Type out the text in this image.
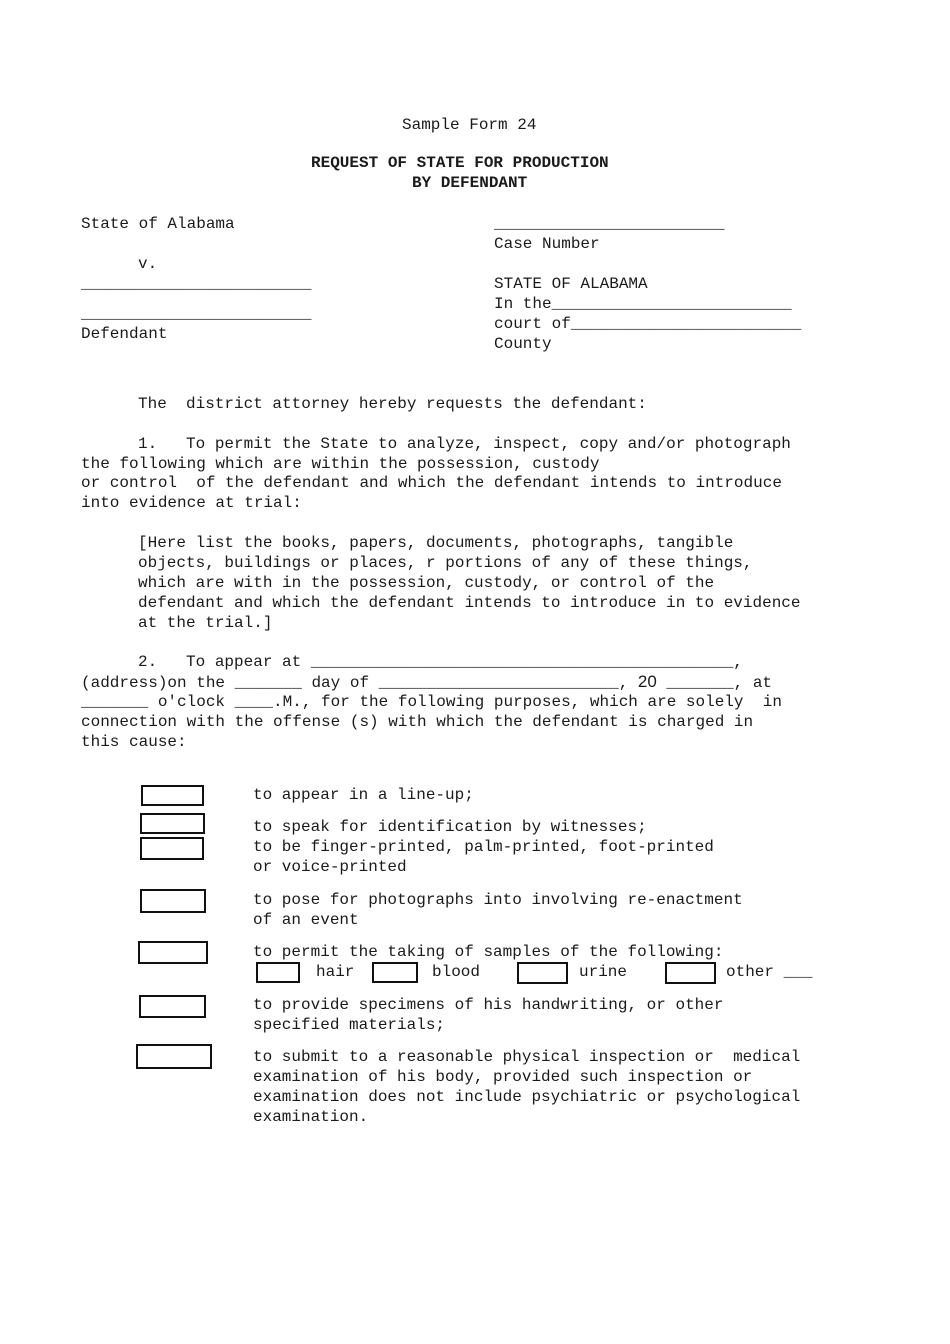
Sample Form 24
REQUEST OF STATE FOR PRODUCTION
BY DEFENDANT
State of Alabama
v.
________________________
________________________
Defendant
________________________
Case Number
STATE OF ALABAMA
In the_________________________
court of________________________
County
The  district attorney hereby requests the defendant:
1.   To permit the State to analyze, inspect, copy and/or photograph
the following which are within the possession, custody
or control  of the defendant and which the defendant intends to introduce
into evidence at trial:
[Here list the books, papers, documents, photographs, tangible
objects, buildings or places, r portions of any of these things,
which are with in the possession, custody, or control of the
defendant and which the defendant intends to introduce in to evidence
at the trial.]
2.   To appear at ____________________________________________,
(address)on the _______ day of _________________________, 20 _______, at
_______ o'clock ____.M., for the following purposes, which are solely  in
connection with the offense (s) with which the defendant is charged in
this cause:
to appear in a line-up;
to speak for identification by witnesses;
to be finger-printed, palm-printed, foot-printed
or voice-printed
to pose for photographs into involving re-enactment
of an event
to permit the taking of samples of the following:
hair	blood	urine	other ___
to provide specimens of his handwriting, or other
specified materials;
to submit to a reasonable physical inspection or  medical
examination of his body, provided such inspection or
examination does not include psychiatric or psychological
examination.
